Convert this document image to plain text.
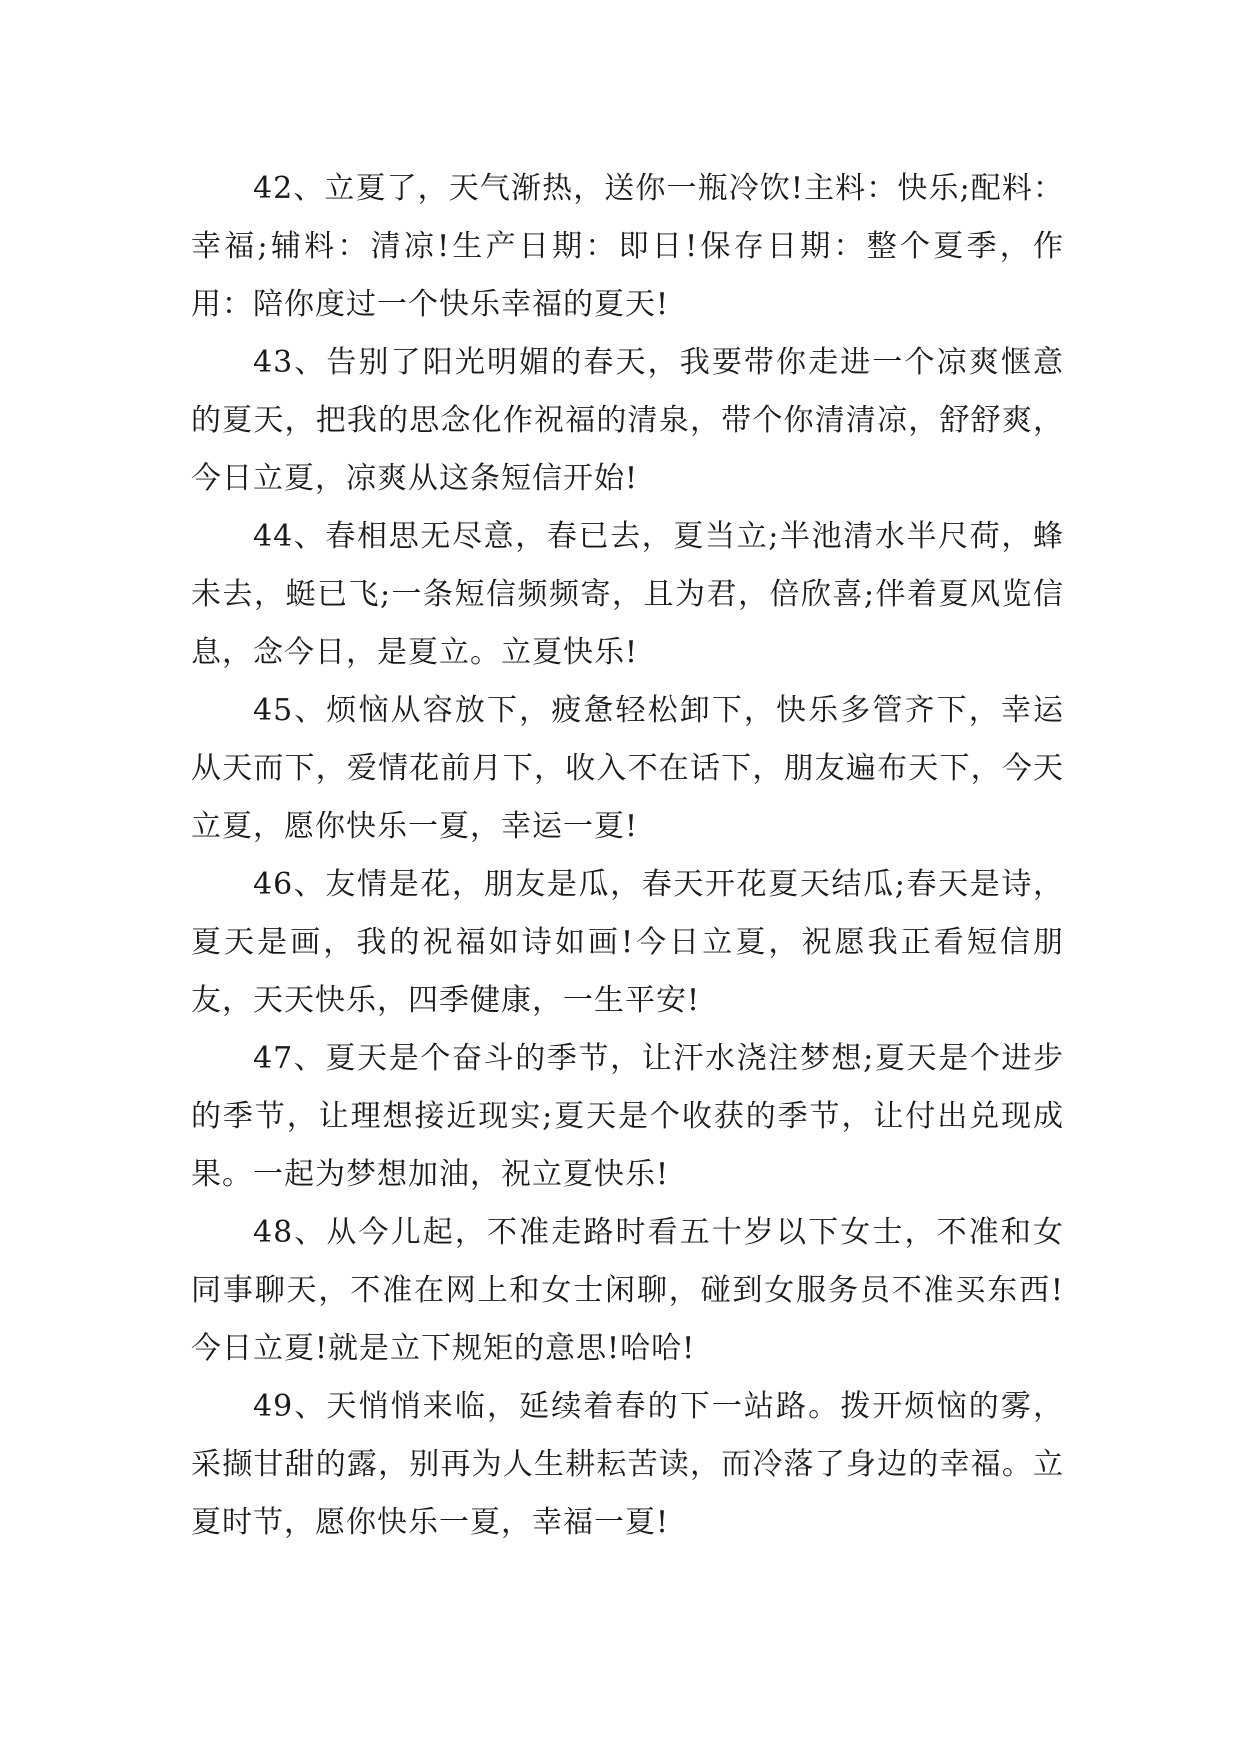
42、立夏了，天气渐热，送你一瓶冷饮!主料：快乐;配料：幸福;辅料：清凉!生产日期：即日!保存日期：整个夏季，作用：陪你度过一个快乐幸福的夏天!

43、告别了阳光明媚的春天，我要带你走进一个凉爽惬意的夏天，把我的思念化作祝福的清泉，带个你清清凉，舒舒爽，今日立夏，凉爽从这条短信开始!

44、春相思无尽意，春已去，夏当立;半池清水半尺荷，蜂未去，蜓已飞;一条短信频频寄，且为君，倍欣喜;伴着夏风览信息，念今日，是夏立。立夏快乐!

45、烦恼从容放下，疲惫轻松卸下，快乐多管齐下，幸运从天而下，爱情花前月下，收入不在话下，朋友遍布天下，今天立夏，愿你快乐一夏，幸运一夏!

46、友情是花，朋友是瓜，春天开花夏天结瓜;春天是诗，夏天是画，我的祝福如诗如画!今日立夏，祝愿我正看短信朋友，天天快乐，四季健康，一生平安!

47、夏天是个奋斗的季节，让汗水浇注梦想;夏天是个进步的季节，让理想接近现实;夏天是个收获的季节，让付出兑现成果。一起为梦想加油，祝立夏快乐!

48、从今儿起，不准走路时看五十岁以下女士，不准和女同事聊天，不准在网上和女士闲聊，碰到女服务员不准买东西!今日立夏!就是立下规矩的意思!哈哈!

49、天悄悄来临，延续着春的下一站路。拨开烦恼的雾，采撷甘甜的露，别再为人生耕耘苦读，而冷落了身边的幸福。立夏时节，愿你快乐一夏，幸福一夏!
